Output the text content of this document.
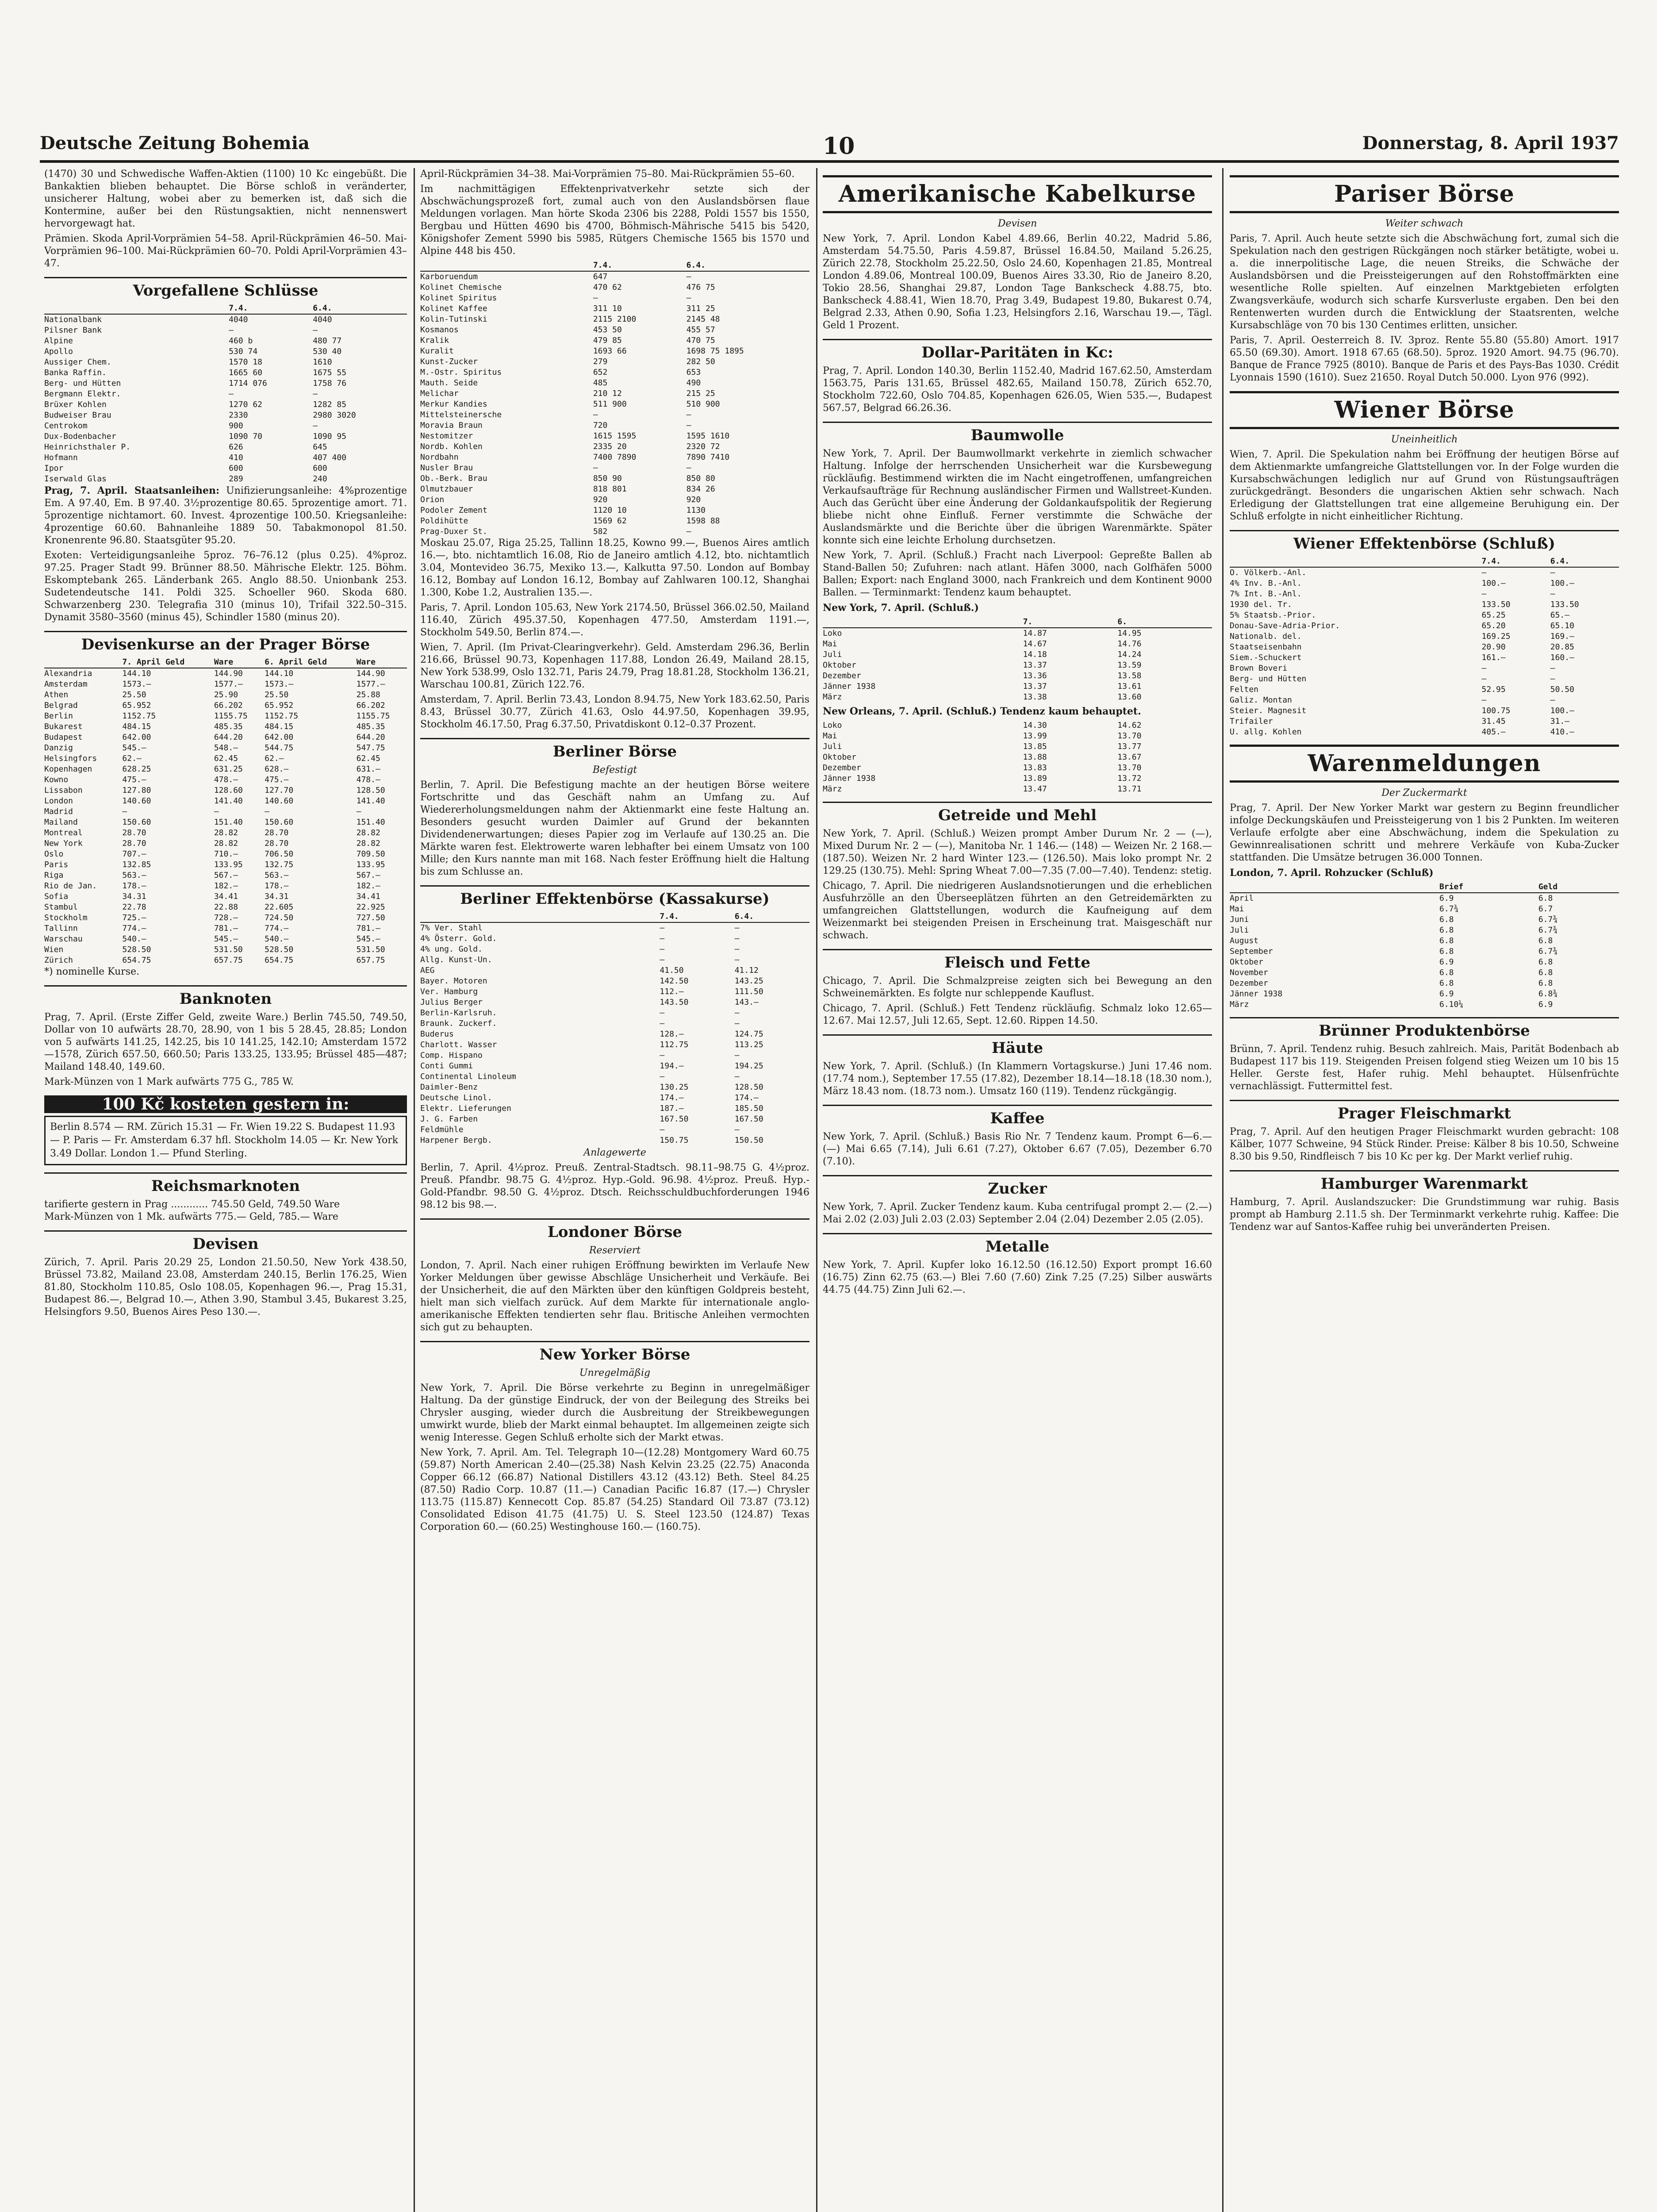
Deutsche Zeitung Bohemia	10	Donnerstag, 8. April 1937

(1470) 30 und Schwedische Waffen-Aktien (1100) 10 Kc eingebüßt. Die Bankaktien blieben behauptet. Die Börse schloß in veränderter, unsicherer Haltung, wobei aber zu bemerken ist, daß sich die Kontermine, außer bei den Rüstungsaktien, nicht nennenswert hervorgewagt hat.

Prämien. Skoda April-Vorprämien 54–58. April-Rückprämien 46–50. Mai-Vorprämien 96–100. Mai-Rückprämien 60–70. Poldi April-Vorprämien 43–47.

Vorgefallene Schlüsse
	7.4.	6.4.
Nationalbank	4040	4040
Pilsner Bank	—	—
Alpine	460 b	480 77
Apollo	530 74	530 40
Aussiger Chem.	1570 18	1610
Banka Raffin.	1665 60	1675 55
Berg- und Hütten	1714 076	1758 76
Bergmann Elektr.	—	—
Brüxer Kohlen	1270 62	1282 85
Budweiser Brau	2330	2980 3020
Centrokom	900	—
Dux-Bodenbacher	1090 70	1090 95
Heinrichsthaler P.	626	645
Hofmann	410	407 400
Ipor	600	600
Iserwald Glas	289	240

Prag, 7. April. Staatsanleihen: Unifizierungsanleihe: 4%prozentige Em. A 97.40, Em. B 97.40. 3½prozentige 80.65. 5prozentige amort. 71. 5prozentige nichtamort. 60. Invest. 4prozentige 100.50. Kriegsanleihe: 4prozentige 60.60. Bahnanleihe 1889 50. Tabakmonopol 81.50. Kronenrente 96.80. Staatsgüter 95.20.

Exoten: Verteidigungsanleihe 5proz. 76–76.12 (plus 0.25). 4%proz. 97.25. Prager Stadt 99. Brünner 88.50. Mährische Elektr. 125. Böhm. Eskomptebank 265. Länderbank 265. Anglo 88.50. Unionbank 253. Sudetendeutsche 141. Poldi 325. Schoeller 960. Skoda 680. Schwarzenberg 230. Telegrafia 310 (minus 10), Trifail 322.50–315. Dynamit 3580–3560 (minus 45), Schindler 1580 (minus 20).

Devisenkurse an der Prager Börse
	7. April Geld	Ware	6. April Geld	Ware
Alexandria	144.10	144.90	144.10	144.90
Amsterdam	1573.—	1577.—	1573.—	1577.—
Athen	25.50	25.90	25.50	25.88
Belgrad	65.952	66.202	65.952	66.202
Berlin	1152.75	1155.75	1152.75	1155.75
Bukarest	484.15	485.35	484.15	485.35
Budapest	642.00	644.20	642.00	644.20
Danzig	545.—	548.—	544.75	547.75
Helsingfors	62.—	62.45	62.—	62.45
Kopenhagen	628.25	631.25	628.—	631.—
Kowno	475.—	478.—	475.—	478.—
Lissabon	127.80	128.60	127.70	128.50
London	140.60	141.40	140.60	141.40
Madrid	—	—	—	—
Mailand	150.60	151.40	150.60	151.40
Montreal	28.70	28.82	28.70	28.82
New York	28.70	28.82	28.70	28.82
Oslo	707.—	710.—	706.50	709.50
Paris	132.85	133.95	132.75	133.95
Riga	563.—	567.—	563.—	567.—
Rio de Jan.	178.—	182.—	178.—	182.—
Sofia	34.31	34.41	34.31	34.41
Stambul	22.78	22.88	22.605	22.925
Stockholm	725.—	728.—	724.50	727.50
Tallinn	774.—	781.—	774.—	781.—
Warschau	540.—	545.—	540.—	545.—
Wien	528.50	531.50	528.50	531.50
Zürich	654.75	657.75	654.75	657.75

*) nominelle Kurse.

Banknoten

Prag, 7. April. (Erste Ziffer Geld, zweite Ware.) Berlin 745.50, 749.50, Dollar von 10 aufwärts 28.70, 28.90, von 1 bis 5 28.45, 28.85; London von 5 aufwärts 141.25, 142.25, bis 10 141.25, 142.10; Amsterdam 1572—1578, Zürich 657.50, 660.50; Paris 133.25, 133.95; Brüssel 485—487; Mailand 148.40, 149.60.

Mark-Münzen von 1 Mark aufwärts 775 G., 785 W.

100 Kč kosteten gestern in:
Berlin 8.574 — RM. Zürich 15.31 — Fr. Wien 19.22 S. Budapest 11.93 — P. Paris — Fr. Amsterdam 6.37 hfl. Stockholm 14.05 — Kr. New York 3.49 Dollar. London 1.— Pfund Sterling.
Reichsmarknoten

tarifierte gestern in Prag ............ 745.50 Geld, 749.50 Ware
Mark-Münzen von 1 Mk. aufwärts 775.— Geld, 785.— Ware

Devisen

Zürich, 7. April. Paris 20.29 25, London 21.50.50, New York 438.50, Brüssel 73.82, Mailand 23.08, Amsterdam 240.15, Berlin 176.25, Wien 81.80, Stockholm 110.85, Oslo 108.05, Kopenhagen 96.—, Prag 15.31, Budapest 86.—, Belgrad 10.—, Athen 3.90, Stambul 3.45, Bukarest 3.25, Helsingfors 9.50, Buenos Aires Peso 130.—.

April-Rückprämien 34–38. Mai-Vorprämien 75–80. Mai-Rückprämien 55–60.

Im nachmittägigen Effektenprivatverkehr setzte sich der Abschwächungsprozeß fort, zumal auch von den Auslandsbörsen flaue Meldungen vorlagen. Man hörte Skoda 2306 bis 2288, Poldi 1557 bis 1550, Bergbau und Hütten 4690 bis 4700, Böhmisch-Mährische 5415 bis 5420, Königshofer Zement 5990 bis 5985, Rütgers Chemische 1565 bis 1570 und Alpine 448 bis 450.

	7.4.	6.4.
Karboruendum	647	—
Kolinet Chemische	470 62	476 75
Kolinet Spiritus	—	—
Kolinet Kaffee	311 10	311 25
Kolin-Tutinski	2115 2100	2145 48
Kosmanos	453 50	455 57
Kralik	479 85	470 75
Kuralit	1693 66	1698 75 1895
Kunst-Zucker	279	282 50
M.-Ostr. Spiritus	652	653
Mauth. Seide	485	490
Melichar	210 12	215 25
Merkur Kandies	511 900	510 900
Mittelsteinersche	—	—
Moravia Braun	720	—
Nestomitzer	1615 1595	1595 1610
Nordb. Kohlen	2335 20	2320 72
Nordbahn	7400 7890	7890 7410
Nusler Brau	—	—
Ob.-Berk. Brau	850 90	850 80
Olmutzbauer	818 801	834 26
Orion	920	920
Podoler Zement	1120 10	1130
Poldihütte	1569 62	1598 88
Prag-Duxer St.	582	—

Moskau 25.07, Riga 25.25, Tallinn 18.25, Kowno 99.—, Buenos Aires amtlich 16.—, bto. nichtamtlich 16.08, Rio de Janeiro amtlich 4.12, bto. nichtamtlich 3.04, Montevideo 36.75, Mexiko 13.—, Kalkutta 97.50. London auf Bombay 16.12, Bombay auf London 16.12, Bombay auf Zahlwaren 100.12, Shanghai 1.300, Kobe 1.2, Australien 135.—.

Paris, 7. April. London 105.63, New York 2174.50, Brüssel 366.02.50, Mailand 116.40, Zürich 495.37.50, Kopenhagen 477.50, Amsterdam 1191.—, Stockholm 549.50, Berlin 874.—.

Wien, 7. April. (Im Privat-Clearingverkehr). Geld. Amsterdam 296.36, Berlin 216.66, Brüssel 90.73, Kopenhagen 117.88, London 26.49, Mailand 28.15, New York 538.99, Oslo 132.71, Paris 24.79, Prag 18.81.28, Stockholm 136.21, Warschau 100.81, Zürich 122.76.

Amsterdam, 7. April. Berlin 73.43, London 8.94.75, New York 183.62.50, Paris 8.43, Brüssel 30.77, Zürich 41.63, Oslo 44.97.50, Kopenhagen 39.95, Stockholm 46.17.50, Prag 6.37.50, Privatdiskont 0.12–0.37 Prozent.

Berliner Börse
Befestigt

Berlin, 7. April. Die Befestigung machte an der heutigen Börse weitere Fortschritte und das Geschäft nahm an Umfang zu. Auf Wiedererholungsmeldungen nahm der Aktienmarkt eine feste Haltung an. Besonders gesucht wurden Daimler auf Grund der bekannten Dividendenerwartungen; dieses Papier zog im Verlaufe auf 130.25 an. Die Märkte waren fest. Elektrowerte waren lebhafter bei einem Umsatz von 100 Mille; den Kurs nannte man mit 168. Nach fester Eröffnung hielt die Haltung bis zum Schlusse an.

Berliner Effektenbörse (Kassakurse)
	7.4.	6.4.
7% Ver. Stahl	—	—
4% Österr. Gold.	—	—
4% ung. Gold.	—	—
Allg. Kunst-Un.	—	—
AEG	41.50	41.12
Bayer. Motoren	142.50	143.25
Ver. Hamburg	112.—	111.50
Julius Berger	143.50	143.—
Berlin-Karlsruh.	—	—
Braunk. Zuckerf.	—	—
Buderus	128.—	124.75
Charlott. Wasser	112.75	113.25
Comp. Hispano	—	—
Conti Gummi	194.—	194.25
Continental Linoleum	—	—
Daimler-Benz	130.25	128.50
Deutsche Linol.	174.—	174.—
Elektr. Lieferungen	187.—	185.50
J. G. Farben	167.50	167.50
Feldmühle	—	—
Harpener Bergb.	150.75	150.50
Anlagewerte

Berlin, 7. April. 4½proz. Preuß. Zentral-Stadtsch. 98.11–98.75 G. 4½proz. Preuß. Pfandbr. 98.75 G. 4½proz. Hyp.-Gold. 96.98. 4½proz. Preuß. Hyp.-Gold-Pfandbr. 98.50 G. 4½proz. Dtsch. Reichsschuldbuchforderungen 1946 98.12 bis 98.—.

Londoner Börse
Reserviert

London, 7. April. Nach einer ruhigen Eröffnung bewirkten im Verlaufe New Yorker Meldungen über gewisse Abschläge Unsicherheit und Verkäufe. Bei der Unsicherheit, die auf den Märkten über den künftigen Goldpreis besteht, hielt man sich vielfach zurück. Auf dem Markte für internationale anglo-amerikanische Effekten tendierten sehr flau. Britische Anleihen vermochten sich gut zu behaupten.

New Yorker Börse
Unregelmäßig

New York, 7. April. Die Börse verkehrte zu Beginn in unregelmäßiger Haltung. Da der günstige Eindruck, der von der Beilegung des Streiks bei Chrysler ausging, wieder durch die Ausbreitung der Streikbewegungen umwirkt wurde, blieb der Markt einmal behauptet. Im allgemeinen zeigte sich wenig Interesse. Gegen Schluß erholte sich der Markt etwas.

New York, 7. April. Am. Tel. Telegraph 10—(12.28) Montgomery Ward 60.75 (59.87) North American 2.40—(25.38) Nash Kelvin 23.25 (22.75) Anaconda Copper 66.12 (66.87) National Distillers 43.12 (43.12) Beth. Steel 84.25 (87.50) Radio Corp. 10.87 (11.—) Canadian Pacific 16.87 (17.—) Chrysler 113.75 (115.87) Kennecott Cop. 85.87 (54.25) Standard Oil 73.87 (73.12) Consolidated Edison 41.75 (41.75) U. S. Steel 123.50 (124.87) Texas Corporation 60.— (60.25) Westinghouse 160.— (160.75).

Amerikanische Kabelkurse
Devisen

New York, 7. April. London Kabel 4.89.66, Berlin 40.22, Madrid 5.86, Amsterdam 54.75.50, Paris 4.59.87, Brüssel 16.84.50, Mailand 5.26.25, Zürich 22.78, Stockholm 25.22.50, Oslo 24.60, Kopenhagen 21.85, Montreal London 4.89.06, Montreal 100.09, Buenos Aires 33.30, Rio de Janeiro 8.20, Tokio 28.56, Shanghai 29.87, London Tage Bankscheck 4.88.75, bto. Bankscheck 4.88.41, Wien 18.70, Prag 3.49, Budapest 19.80, Bukarest 0.74, Belgrad 2.33, Athen 0.90, Sofia 1.23, Helsingfors 2.16, Warschau 19.—, Tägl. Geld 1 Prozent.

Dollar-Paritäten in Kc:

Prag, 7. April. London 140.30, Berlin 1152.40, Madrid 167.62.50, Amsterdam 1563.75, Paris 131.65, Brüssel 482.65, Mailand 150.78, Zürich 652.70, Stockholm 722.60, Oslo 704.85, Kopenhagen 626.05, Wien 535.—, Budapest 567.57, Belgrad 66.26.36.

Baumwolle

New York, 7. April. Der Baumwollmarkt verkehrte in ziemlich schwacher Haltung. Infolge der herrschenden Unsicherheit war die Kursbewegung rückläufig. Bestimmend wirkten die im Nacht eingetroffenen, umfangreichen Verkaufsaufträge für Rechnung ausländischer Firmen und Wallstreet-Kunden. Auch das Gerücht über eine Änderung der Goldankaufspolitik der Regierung bliebe nicht ohne Einfluß. Ferner verstimmte die Schwäche der Auslandsmärkte und die Berichte über die übrigen Warenmärkte. Später konnte sich eine leichte Erholung durchsetzen.

New York, 7. April. (Schluß.) Fracht nach Liverpool: Gepreßte Ballen ab Stand-Ballen 50; Zufuhren: nach atlant. Häfen 3000, nach Golfhäfen 5000 Ballen; Export: nach England 3000, nach Frankreich und dem Kontinent 9000 Ballen. — Terminmarkt: Tendenz kaum behauptet.

New York, 7. April. (Schluß.)

	7.	6.
Loko	14.87	14.95
Mai	14.67	14.76
Juli	14.18	14.24
Oktober	13.37	13.59
Dezember	13.36	13.58
Jänner 1938	13.37	13.61
März	13.38	13.60

New Orleans, 7. April. (Schluß.) Tendenz kaum behauptet.

Loko	14.30	14.62
Mai	13.99	13.70
Juli	13.85	13.77
Oktober	13.88	13.67
Dezember	13.83	13.70
Jänner 1938	13.89	13.72
März	13.47	13.71
Getreide und Mehl

New York, 7. April. (Schluß.) Weizen prompt Amber Durum Nr. 2 — (—), Mixed Durum Nr. 2 — (—), Manitoba Nr. 1 146.— (148) — Weizen Nr. 2 168.— (187.50). Weizen Nr. 2 hard Winter 123.— (126.50). Mais loko prompt Nr. 2 129.25 (130.75). Mehl: Spring Wheat 7.00—7.35 (7.00—7.40). Tendenz: stetig.

Chicago, 7. April. Die niedrigeren Auslandsnotierungen und die erheblichen Ausfuhrzölle an den Überseeplätzen führten an den Getreidemärkten zu umfangreichen Glattstellungen, wodurch die Kaufneigung auf dem Weizenmarkt bei steigenden Preisen in Erscheinung trat. Maisgeschäft nur schwach.

Fleisch und Fette

Chicago, 7. April. Die Schmalzpreise zeigten sich bei Bewegung an den Schweinemärkten. Es folgte nur schleppende Kauflust.

Chicago, 7. April. (Schluß.) Fett Tendenz rückläufig. Schmalz loko 12.65—12.67. Mai 12.57, Juli 12.65, Sept. 12.60. Rippen 14.50.

Häute

New York, 7. April. (Schluß.) (In Klammern Vortagskurse.) Juni 17.46 nom. (17.74 nom.), September 17.55 (17.82), Dezember 18.14—18.18 (18.30 nom.), März 18.43 nom. (18.73 nom.). Umsatz 160 (119). Tendenz rückgängig.

Kaffee

New York, 7. April. (Schluß.) Basis Rio Nr. 7 Tendenz kaum. Prompt 6—6.— (—) Mai 6.65 (7.14), Juli 6.61 (7.27), Oktober 6.67 (7.05), Dezember 6.70 (7.10).

Zucker

New York, 7. April. Zucker Tendenz kaum. Kuba centrifugal prompt 2.— (2.—) Mai 2.02 (2.03) Juli 2.03 (2.03) September 2.04 (2.04) Dezember 2.05 (2.05).

Metalle

New York, 7. April. Kupfer loko 16.12.50 (16.12.50) Export prompt 16.60 (16.75) Zinn 62.75 (63.—) Blei 7.60 (7.60) Zink 7.25 (7.25) Silber auswärts 44.75 (44.75) Zinn Juli 62.—.

Pariser Börse
Weiter schwach

Paris, 7. April. Auch heute setzte sich die Abschwächung fort, zumal sich die Spekulation nach den gestrigen Rückgängen noch stärker betätigte, wobei u. a. die innerpolitische Lage, die neuen Streiks, die Schwäche der Auslandsbörsen und die Preissteigerungen auf den Rohstoffmärkten eine wesentliche Rolle spielten. Auf einzelnen Marktgebieten erfolgten Zwangsverkäufe, wodurch sich scharfe Kursverluste ergaben. Den bei den Rentenwerten wurden durch die Entwicklung der Staatsrenten, welche Kursabschläge von 70 bis 130 Centimes erlitten, unsicher.

Paris, 7. April. Oesterreich 8. IV. 3proz. Rente 55.80 (55.80) Amort. 1917 65.50 (69.30). Amort. 1918 67.65 (68.50). 5proz. 1920 Amort. 94.75 (96.70). Banque de France 7925 (8010). Banque de Paris et des Pays-Bas 1030. Crédit Lyonnais 1590 (1610). Suez 21650. Royal Dutch 50.000. Lyon 976 (992).

Wiener Börse
Uneinheitlich

Wien, 7. April. Die Spekulation nahm bei Eröffnung der heutigen Börse auf dem Aktienmarkte umfangreiche Glattstellungen vor. In der Folge wurden die Kursabschwächungen lediglich nur auf Grund von Rüstungsaufträgen zurückgedrängt. Besonders die ungarischen Aktien sehr schwach. Nach Erledigung der Glattstellungen trat eine allgemeine Beruhigung ein. Der Schluß erfolgte in nicht einheitlicher Richtung.

Wiener Effektenbörse (Schluß)
	7.4.	6.4.
O. Völkerb.-Anl.	—	—
4% Inv. B.-Anl.	100.—	100.—
7% Int. B.-Anl.	—	—
1930 del. Tr.	133.50	133.50
5% Staatsb.-Prior.	65.25	65.—
Donau-Save-Adria-Prior.	65.20	65.10
Nationalb. del.	169.25	169.—
Staatseisenbahn	20.90	20.85
Siem.-Schuckert	161.—	160.—
Brown Boveri	—	—
Berg- und Hütten	—	—
Felten	52.95	50.50
Galiz. Montan	—	—
Steier. Magnesit	100.75	100.—
Trifailer	31.45	31.—
U. allg. Kohlen	405.—	410.—
Warenmeldungen
Der Zuckermarkt

Prag, 7. April. Der New Yorker Markt war gestern zu Beginn freundlicher infolge Deckungskäufen und Preissteigerung von 1 bis 2 Punkten. Im weiteren Verlaufe erfolgte aber eine Abschwächung, indem die Spekulation zu Gewinnrealisationen schritt und mehrere Verkäufe von Kuba-Zucker stattfanden. Die Umsätze betrugen 36.000 Tonnen.

London, 7. April. Rohzucker (Schluß)

	Brief	Geld
April	6.9	6.8
Mai	6.7¾	6.7
Juni	6.8	6.7¾
Juli	6.8	6.7¾
August	6.8	6.8
September	6.8	6.7¾
Oktober	6.9	6.8
November	6.8	6.8
Dezember	6.8	6.8
Jänner 1938	6.9	6.8¾
März	6.10¼	6.9
Brünner Produktenbörse

Brünn, 7. April. Tendenz ruhig. Besuch zahlreich. Mais, Parität Bodenbach ab Budapest 117 bis 119. Steigenden Preisen folgend stieg Weizen um 10 bis 15 Heller. Gerste fest, Hafer ruhig. Mehl behauptet. Hülsenfrüchte vernachlässigt. Futtermittel fest.

Prager Fleischmarkt

Prag, 7. April. Auf den heutigen Prager Fleischmarkt wurden gebracht: 108 Kälber, 1077 Schweine, 94 Stück Rinder. Preise: Kälber 8 bis 10.50, Schweine 8.30 bis 9.50, Rindfleisch 7 bis 10 Kc per kg. Der Markt verlief ruhig.

Hamburger Warenmarkt

Hamburg, 7. April. Auslandszucker: Die Grundstimmung war ruhig. Basis prompt ab Hamburg 2.11.5 sh. Der Terminmarkt verkehrte ruhig. Kaffee: Die Tendenz war auf Santos-Kaffee ruhig bei unveränderten Preisen.
